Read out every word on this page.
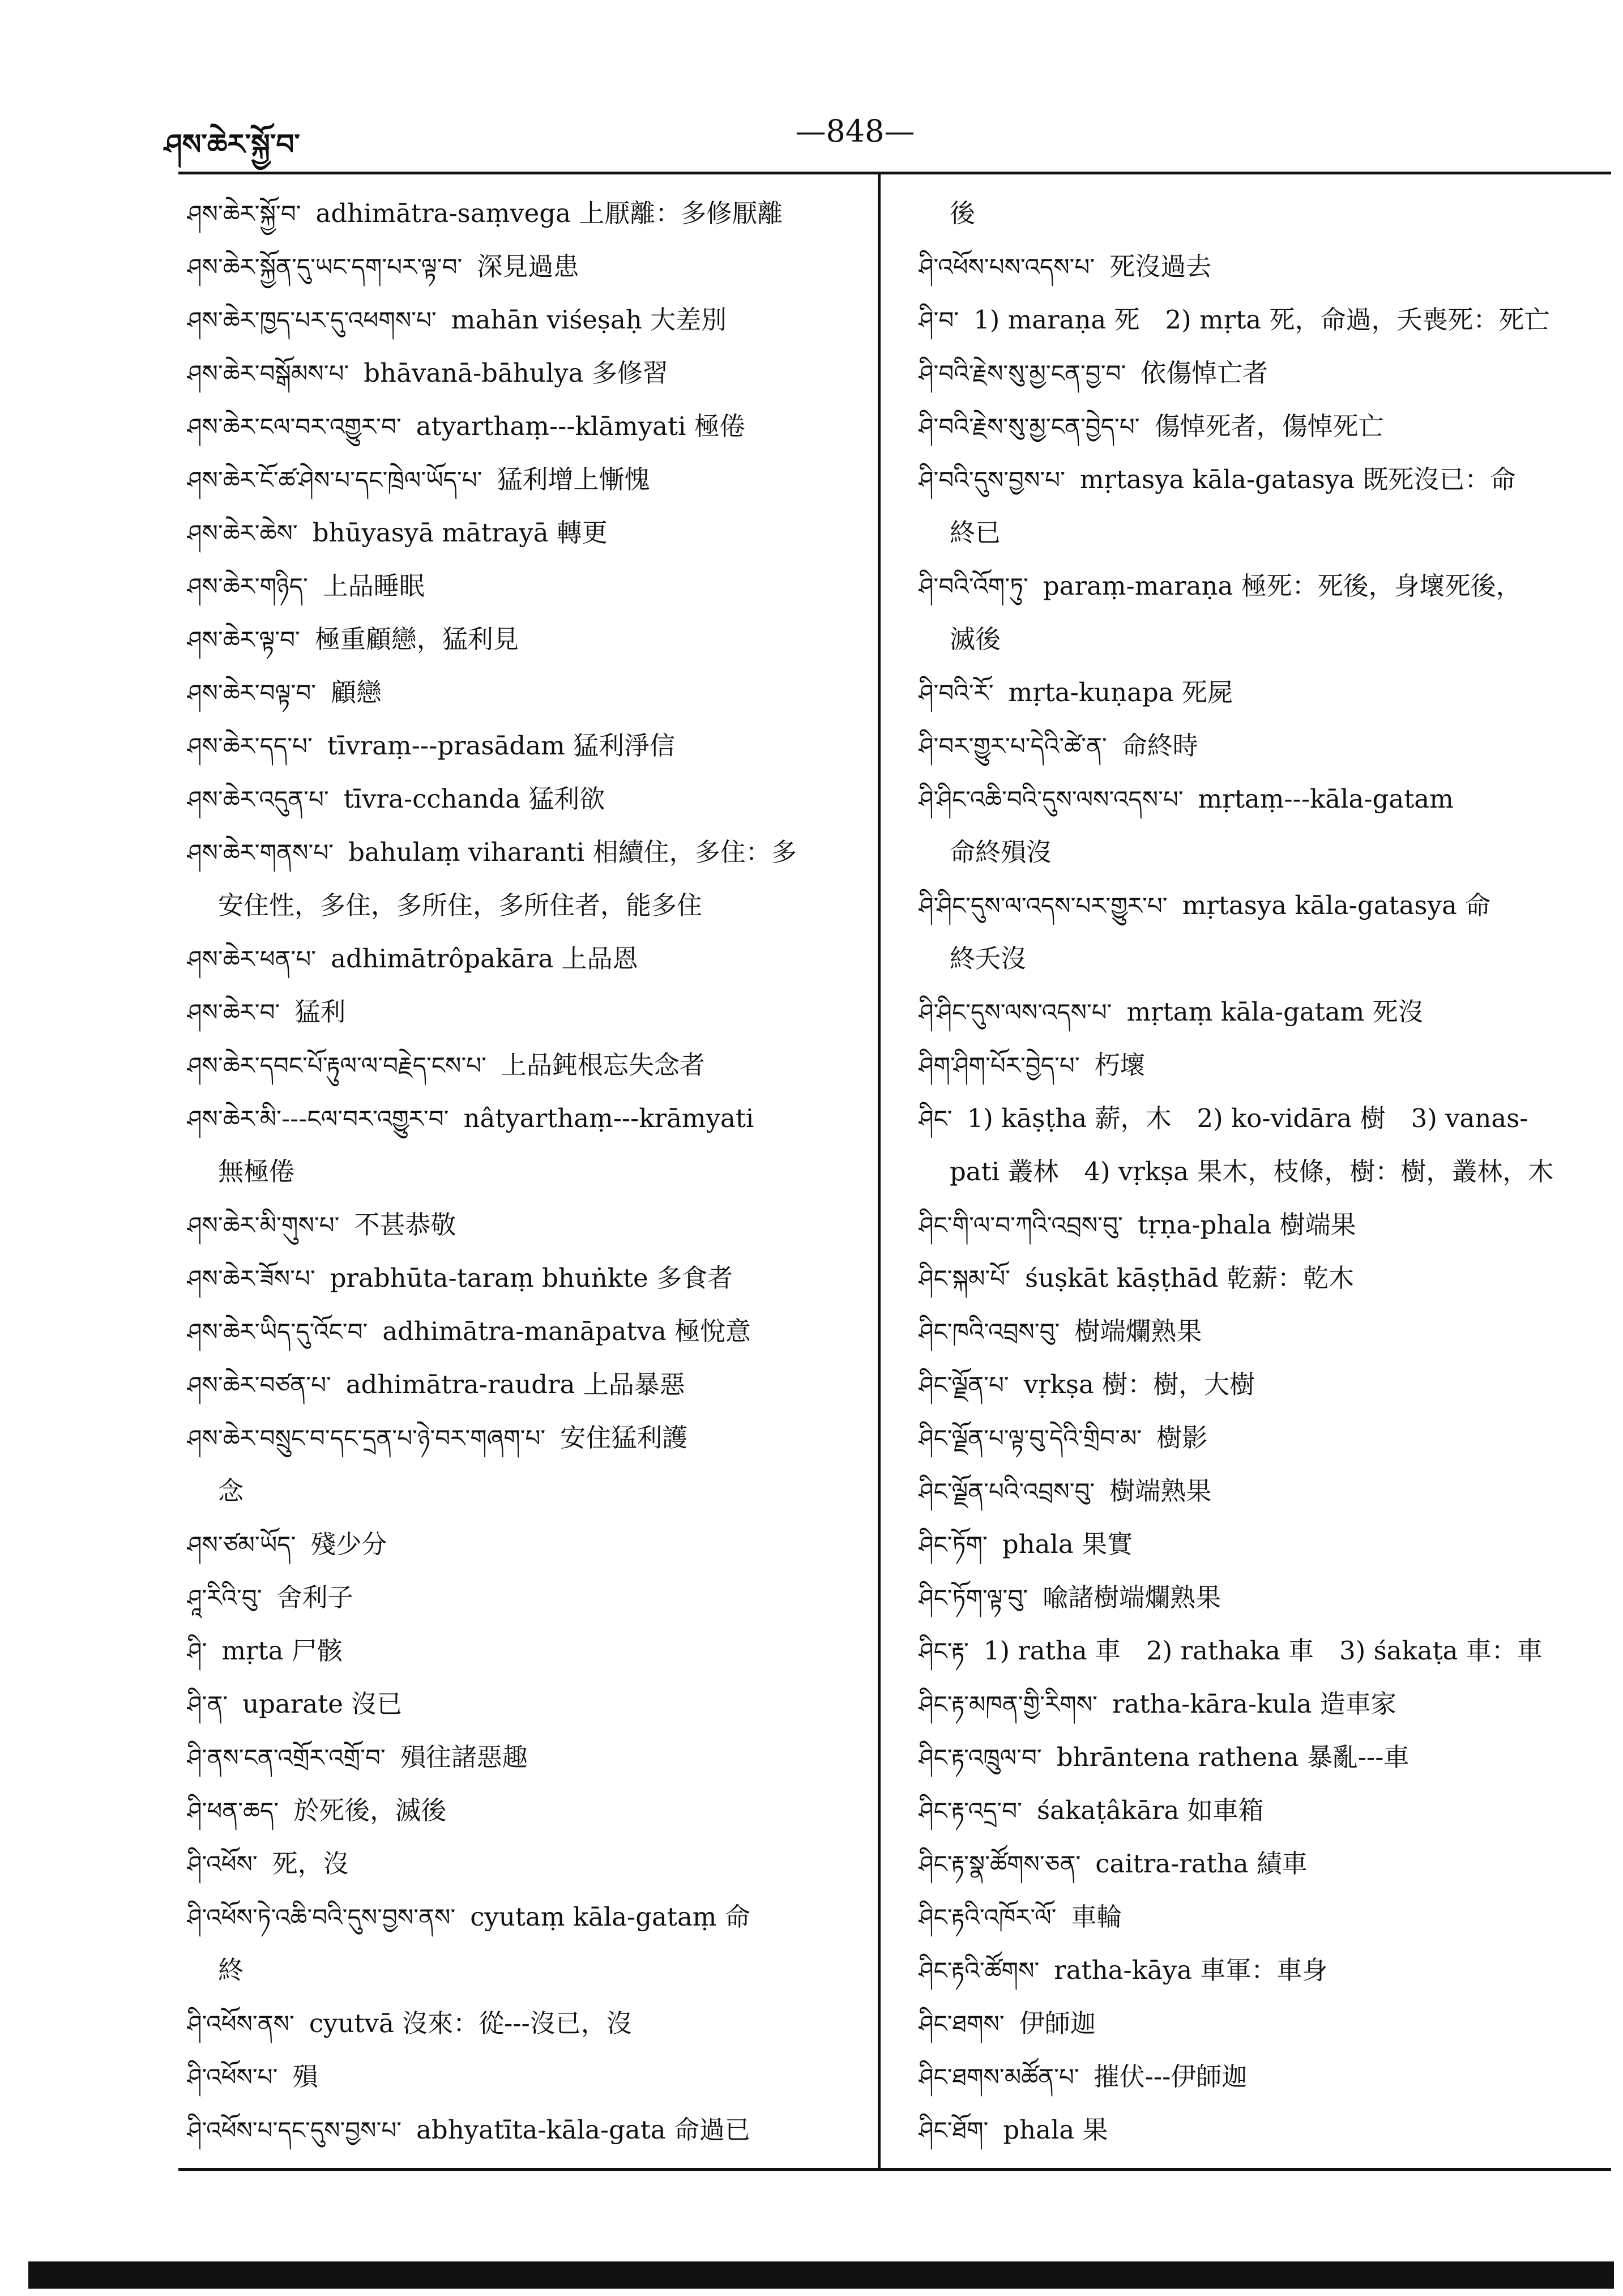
ཤས་ཆེར་སྐྱོ་བ་	—848—
ཤས་ཆེར་སྐྱོ་བ་ adhimātra-saṃvega 上厭離：多修厭離
ཤས་ཆེར་སྐྱོན་དུ་ཡང་དག་པར་ལྟ་བ་ 深見過患
ཤས་ཆེར་ཁྱད་པར་དུ་འཕགས་པ་ mahān viśeṣaḥ 大差別
ཤས་ཆེར་བསྒོམས་པ་ bhāvanā-bāhulya 多修習
ཤས་ཆེར་ངལ་བར་འགྱུར་བ་ atyarthaṃ---klāmyati 極倦
ཤས་ཆེར་ངོ་ཚ་ཤེས་པ་དང་ཁྲེལ་ཡོད་པ་ 猛利增上慚愧
ཤས་ཆེར་ཆེས་ bhūyasyā mātrayā 轉更
ཤས་ཆེར་གཉིད་ 上品睡眠
ཤས་ཆེར་ལྟ་བ་ 極重顧戀，猛利見
ཤས་ཆེར་བལྟ་བ་ 顧戀
ཤས་ཆེར་དད་པ་ tīvraṃ---prasādam 猛利淨信
ཤས་ཆེར་འདུན་པ་ tīvra-cchanda 猛利欲
ཤས་ཆེར་གནས་པ་ bahulaṃ viharanti 相續住，多住：多
安住性，多住，多所住，多所住者，能多住
ཤས་ཆེར་ཕན་པ་ adhimātrôpakāra 上品恩
ཤས་ཆེར་བ་ 猛利
ཤས་ཆེར་དབང་པོ་རྟུལ་ལ་བརྗེད་ངས་པ་ 上品鈍根忘失念者
ཤས་ཆེར་མི་---ངལ་བར་འགྱུར་བ་ nâtyarthaṃ---krāmyati
無極倦
ཤས་ཆེར་མི་གུས་པ་ 不甚恭敬
ཤས་ཆེར་ཟོས་པ་ prabhūta-taraṃ bhuṅkte 多食者
ཤས་ཆེར་ཡིད་དུ་འོང་བ་ adhimātra-manāpatva 極悅意
ཤས་ཆེར་བཙན་པ་ adhimātra-raudra 上品暴惡
ཤས་ཆེར་བསྲུང་བ་དང་དྲན་པ་ཉེ་བར་གཞག་པ་ 安住猛利護
念
ཤས་ཙམ་ཡོད་ 殘少分
ཤཱ་རིའི་བུ་ 舍利子
ཤི་ mṛta 尸骸
ཤི་ན་ uparate 沒已
ཤི་ནས་ངན་འགྲོར་འགྲོ་བ་ 殞往諸惡趣
ཤི་ཕན་ཆད་ 於死後，滅後
ཤི་འཕོས་ 死，沒
ཤི་འཕོས་ཏེ་འཆི་བའི་དུས་བྱས་ནས་ cyutaṃ kāla-gataṃ 命
終
ཤི་འཕོས་ནས་ cyutvā 沒來：從---沒已，沒
ཤི་འཕོས་པ་ 殞
ཤི་འཕོས་པ་དང་དུས་བྱས་པ་ abhyatīta-kāla-gata 命過已
後
ཤི་འཕོས་པས་འདས་པ་ 死沒過去
ཤི་བ་ 1) maraṇa 死　2) mṛta 死，命過，夭喪死：死亡
ཤི་བའི་རྗེས་སུ་མྱ་ངན་བྱ་བ་ 依傷悼亡者
ཤི་བའི་རྗེས་སུ་མྱ་ངན་བྱེད་པ་ 傷悼死者，傷悼死亡
ཤི་བའི་དུས་བྱས་པ་ mṛtasya kāla-gatasya 既死沒已：命
終已
ཤི་བའི་འོག་ཏུ་ paraṃ-maraṇa 極死：死後，身壞死後，
滅後
ཤི་བའི་རོ་ mṛta-kuṇapa 死屍
ཤི་བར་གྱུར་པ་དེའི་ཚེ་ན་ 命終時
ཤི་ཤིང་འཆི་བའི་དུས་ལས་འདས་པ་ mṛtaṃ---kāla-gatam
命終殞沒
ཤི་ཤིང་དུས་ལ་འདས་པར་གྱུར་པ་ mṛtasya kāla-gatasya 命
終夭沒
ཤི་ཤིང་དུས་ལས་འདས་པ་ mṛtaṃ kāla-gatam 死沒
ཤིག་ཤིག་པོར་བྱེད་པ་ 朽壞
ཤིང་ 1) kāṣṭha 薪，木　2) ko-vidāra 樹　3) vanas-
pati 叢林　4) vṛkṣa 果木，枝條，樹：樹，叢林，木
ཤིང་གི་ལ་བ་ཀའི་འབྲས་བུ་ tṛṇa-phala 樹端果
ཤིང་སྐམ་པོ་ śuṣkāt kāṣṭhād 乾薪：乾木
ཤིང་ཁའི་འབྲས་བུ་ 樹端爛熟果
ཤིང་ལྗོན་པ་ vṛkṣa 樹：樹，大樹
ཤིང་ལྗོན་པ་ལྟ་བུ་དེའི་གྲིབ་མ་ 樹影
ཤིང་ལྗོན་པའི་འབྲས་བུ་ 樹端熟果
ཤིང་ཏོག་ phala 果實
ཤིང་ཏོག་ལྟ་བུ་ 喩諸樹端爛熟果
ཤིང་རྟ་ 1) ratha 車　2) rathaka 車　3) śakaṭa 車：車
ཤིང་རྟ་མཁན་གྱི་རིགས་ ratha-kāra-kula 造車家
ཤིང་རྟ་འཁྲུལ་བ་ bhrāntena rathena 暴亂---車
ཤིང་རྟ་འདྲ་བ་ śakaṭâkāra 如車箱
ཤིང་རྟ་སྣ་ཚོགས་ཅན་ caitra-ratha 績車
ཤིང་རྟའི་འཁོར་ལོ་ 車輪
ཤིང་རྟའི་ཚོགས་ ratha-kāya 車軍：車身
ཤིང་ཐགས་ 伊師迦
ཤིང་ཐགས་མཚོན་པ་ 摧伏---伊師迦
ཤིང་ཐོག་ phala 果
